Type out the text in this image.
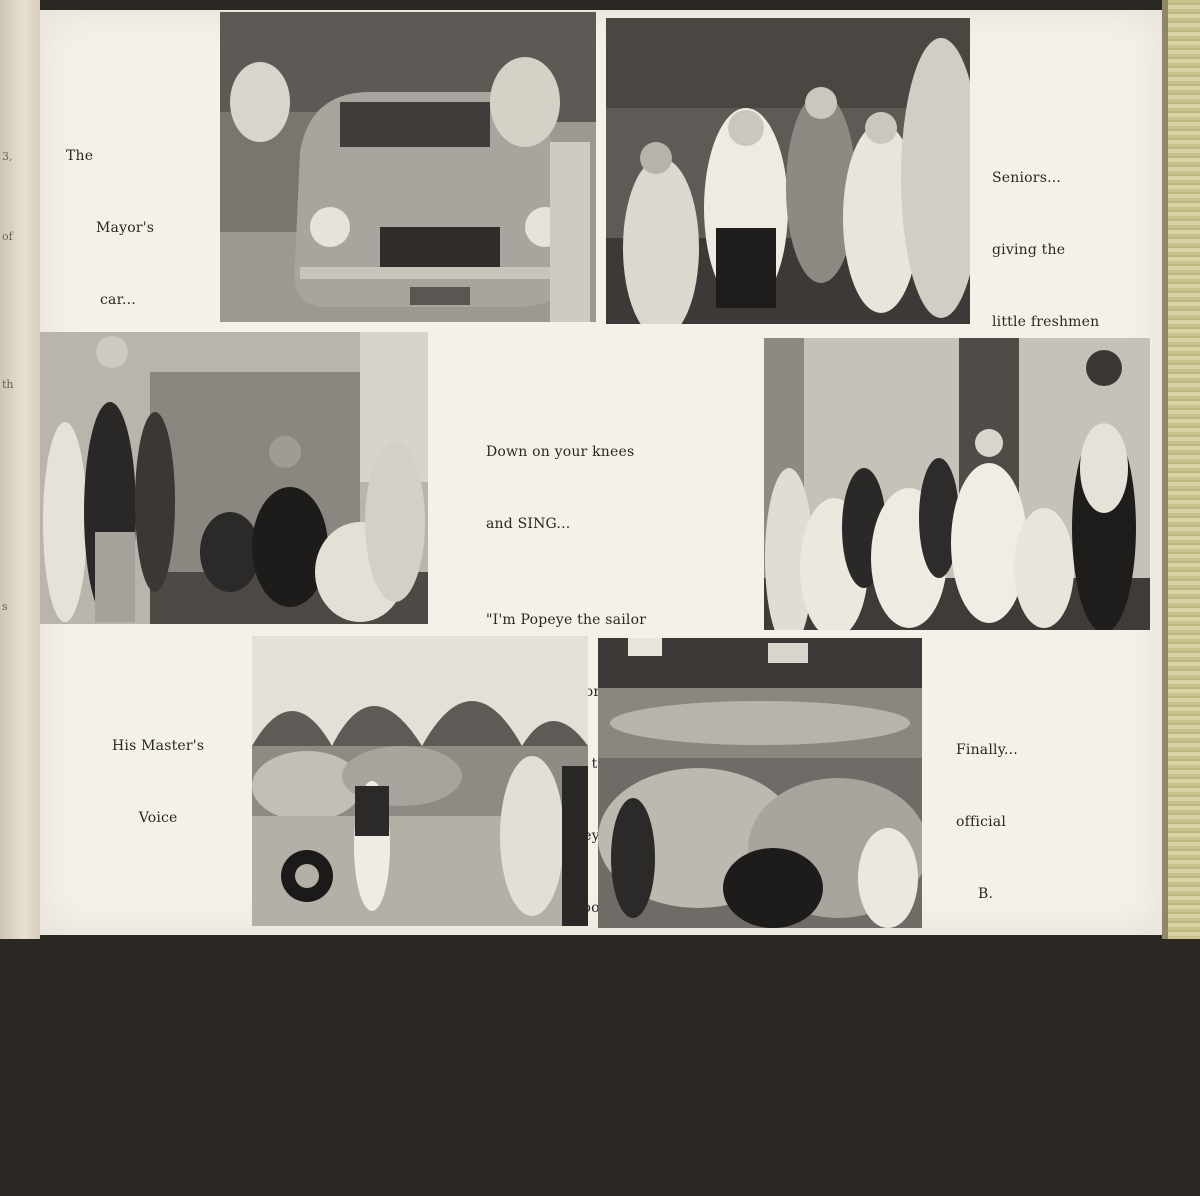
3,
of
th
s

The

Mayor's

car...

Seniors...

giving the

little freshmen

Down on your knees

and SING...

"I'm Popeye the sailor

His Master's

Voice

ROLL IT...

Finally...

official

B.

H.

S.

MEMBERS
